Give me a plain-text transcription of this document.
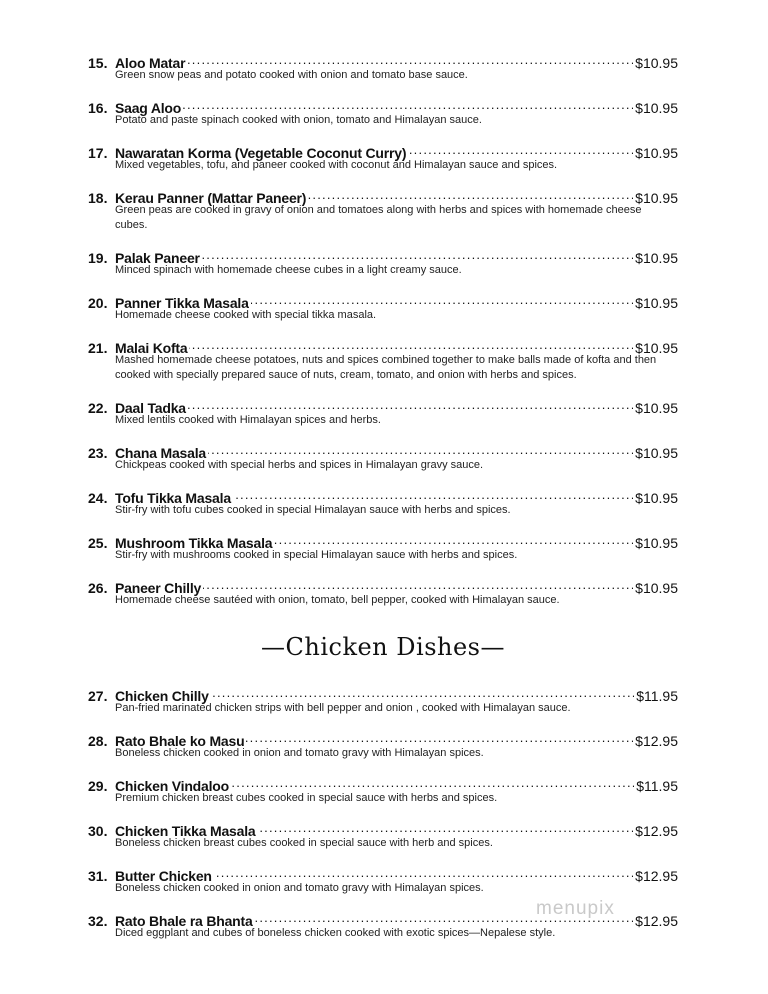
15. Aloo Matar . . .	$10.95
Green snow peas and potato cooked with onion and tomato base sauce.
16. Saag Aloo . . .	$10.95
Potato and paste spinach cooked with onion, tomato and Himalayan sauce.
17. Nawaratan Korma (Vegetable Coconut Curry) . . .	$10.95
Mixed vegetables, tofu, and paneer cooked with coconut and Himalayan sauce and spices.
18. Kerau Panner (Mattar Paneer) . . .	$10.95
Green peas are cooked in gravy of onion and tomatoes along with herbs and spices with homemade cheese cubes.
19. Palak Paneer . . .	$10.95
Minced spinach with homemade cheese cubes in a light creamy sauce.
20. Panner Tikka Masala . . .	$10.95
Homemade cheese cooked with special tikka masala.
21. Malai Kofta . . .	$10.95
Mashed homemade cheese potatoes, nuts and spices combined together to make balls made of kofta and then cooked with specially prepared sauce of nuts, cream, tomato, and onion with herbs and spices.
22. Daal Tadka . . .	$10.95
Mixed lentils cooked with Himalayan spices and herbs.
23. Chana Masala . . .	$10.95
Chickpeas cooked with special herbs and spices in Himalayan gravy sauce.
24. Tofu Tikka Masala . . .	$10.95
Stir-fry with tofu cubes cooked in special Himalayan sauce with herbs and spices.
25. Mushroom Tikka Masala . . .	$10.95
Stir-fry with mushrooms cooked in special Himalayan sauce with herbs and spices.
26. Paneer Chilly . . .	$10.95
Homemade cheese sautéed with onion, tomato, bell pepper, cooked with Himalayan sauce.
—Chicken Dishes—
27. Chicken Chilly . . .	$11.95
Pan-fried marinated chicken strips with bell pepper and onion , cooked with Himalayan sauce.
28. Rato Bhale ko Masu . . .	$12.95
Boneless chicken cooked in onion and tomato gravy with Himalayan spices.
29. Chicken Vindaloo . . .	$11.95
Premium chicken breast cubes cooked in special sauce with herbs and spices.
30. Chicken Tikka Masala . . .	$12.95
Boneless chicken breast cubes cooked in special sauce with herb and spices.
31. Butter Chicken . . .	$12.95
Boneless chicken cooked in onion and tomato gravy with Himalayan spices.
32. Rato Bhale ra Bhanta . . .	$12.95
Diced eggplant and cubes of boneless chicken cooked with exotic spices—Nepalese style.
menupix
